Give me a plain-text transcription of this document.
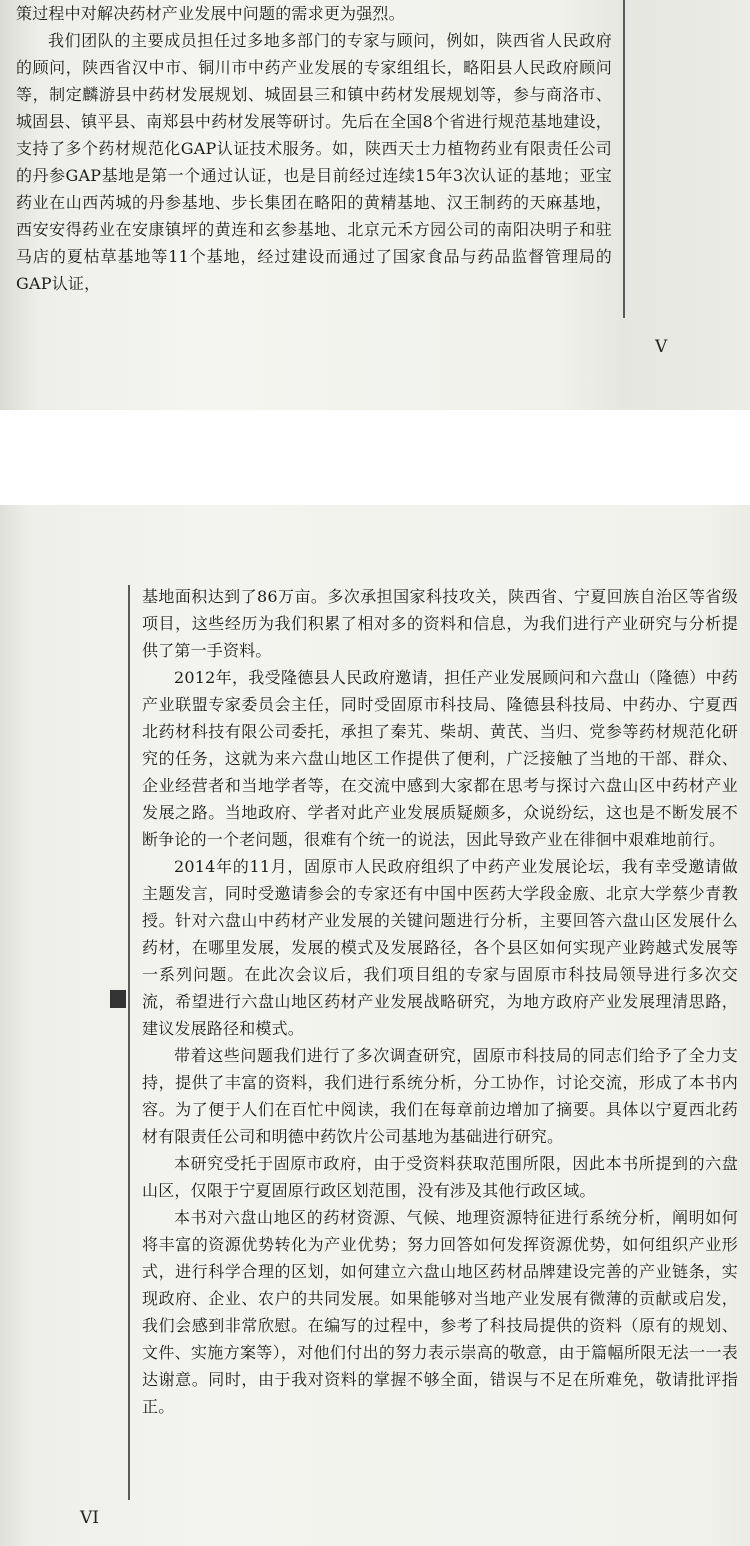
策过程中对解决药材产业发展中问题的需求更为强烈。

我们团队的主要成员担任过多地多部门的专家与顾问，例如，陕西省人民政府的顾问，陕西省汉中市、铜川市中药产业发展的专家组组长，略阳县人民政府顾问等，制定麟游县中药材发展规划、城固县三和镇中药材发展规划等，参与商洛市、城固县、镇平县、南郑县中药材发展等研讨。先后在全国8个省进行规范基地建设，支持了多个药材规范化GAP认证技术服务。如，陕西天士力植物药业有限责任公司的丹参GAP基地是第一个通过认证，也是目前经过连续15年3次认证的基地；亚宝药业在山西芮城的丹参基地、步长集团在略阳的黄精基地、汉王制药的天麻基地，西安安得药业在安康镇坪的黄连和玄参基地、北京元禾方园公司的南阳决明子和驻马店的夏枯草基地等11个基地，经过建设而通过了国家食品与药品监督管理局的GAP认证，

V

基地面积达到了86万亩。多次承担国家科技攻关，陕西省、宁夏回族自治区等省级项目，这些经历为我们积累了相对多的资料和信息，为我们进行产业研究与分析提供了第一手资料。

2012年，我受隆德县人民政府邀请，担任产业发展顾问和六盘山（隆德）中药产业联盟专家委员会主任，同时受固原市科技局、隆德县科技局、中药办、宁夏西北药材科技有限公司委托，承担了秦艽、柴胡、黄芪、当归、党参等药材规范化研究的任务，这就为来六盘山地区工作提供了便利，广泛接触了当地的干部、群众、企业经营者和当地学者等，在交流中感到大家都在思考与探讨六盘山区中药材产业发展之路。当地政府、学者对此产业发展质疑颇多，众说纷纭，这也是不断发展不断争论的一个老问题，很难有个统一的说法，因此导致产业在徘徊中艰难地前行。

2014年的11月，固原市人民政府组织了中药产业发展论坛，我有幸受邀请做主题发言，同时受邀请参会的专家还有中国中医药大学段金廒、北京大学蔡少青教授。针对六盘山中药材产业发展的关键问题进行分析，主要回答六盘山区发展什么药材，在哪里发展，发展的模式及发展路径，各个县区如何实现产业跨越式发展等一系列问题。在此次会议后，我们项目组的专家与固原市科技局领导进行多次交流，希望进行六盘山地区药材产业发展战略研究，为地方政府产业发展理清思路，建议发展路径和模式。

带着这些问题我们进行了多次调查研究，固原市科技局的同志们给予了全力支持，提供了丰富的资料，我们进行系统分析，分工协作，讨论交流，形成了本书内容。为了便于人们在百忙中阅读，我们在每章前边增加了摘要。具体以宁夏西北药材有限责任公司和明德中药饮片公司基地为基础进行研究。

本研究受托于固原市政府，由于受资料获取范围所限，因此本书所提到的六盘山区，仅限于宁夏固原行政区划范围，没有涉及其他行政区域。

本书对六盘山地区的药材资源、气候、地理资源特征进行系统分析，阐明如何将丰富的资源优势转化为产业优势；努力回答如何发挥资源优势，如何组织产业形式，进行科学合理的区划，如何建立六盘山地区药材品牌建设完善的产业链条，实现政府、企业、农户的共同发展。如果能够对当地产业发展有微薄的贡献或启发，我们会感到非常欣慰。在编写的过程中，参考了科技局提供的资料（原有的规划、文件、实施方案等），对他们付出的努力表示崇高的敬意，由于篇幅所限无法一一表达谢意。同时，由于我对资料的掌握不够全面，错误与不足在所难免，敬请批评指正。

VI
